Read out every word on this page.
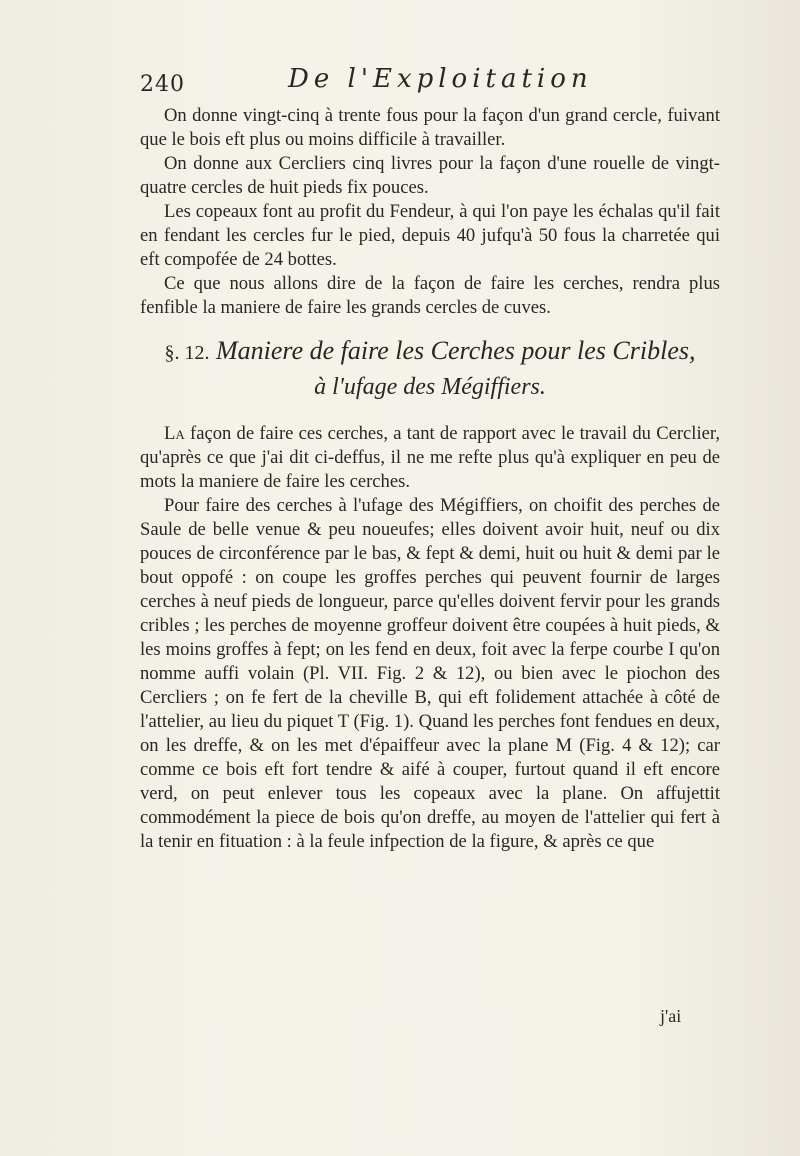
240	De l'Exploitation

On donne vingt-cinq à trente fous pour la façon d'un grand cercle, fuivant que le bois eft plus ou moins difficile à travailler.

On donne aux Cercliers cinq livres pour la façon d'une rouelle de vingt-quatre cercles de huit pieds fix pouces.

Les copeaux font au profit du Fendeur, à qui l'on paye les échalas qu'il fait en fendant les cercles fur le pied, depuis 40 jufqu'à 50 fous la charretée qui eft compofée de 24 bottes.

Ce que nous allons dire de la façon de faire les cerches, rendra plus fenfible la maniere de faire les grands cercles de cuves.

§. 12. Maniere de faire les Cerches pour les Cribles,
à l'ufage des Mégiffiers.

La façon de faire ces cerches, a tant de rapport avec le travail du Cerclier, qu'après ce que j'ai dit ci-deffus, il ne me refte plus qu'à expliquer en peu de mots la maniere de faire les cerches.

Pour faire des cerches à l'ufage des Mégiffiers, on choifit des perches de Saule de belle venue & peu noueufes; elles doivent avoir huit, neuf ou dix pouces de circonférence par le bas, & fept & demi, huit ou huit & demi par le bout oppofé : on coupe les groffes perches qui peuvent fournir de larges cerches à neuf pieds de longueur, parce qu'elles doivent fervir pour les grands cribles ; les perches de moyenne groffeur doivent être coupées à huit pieds, & les moins groffes à fept; on les fend en deux, foit avec la ferpe courbe I qu'on nomme auffi volain (Pl. VII. Fig. 2 & 12), ou bien avec le piochon des Cercliers ; on fe fert de la cheville B, qui eft folidement attachée à côté de l'attelier, au lieu du piquet T (Fig. 1). Quand les perches font fendues en deux, on les dreffe, & on les met d'épaiffeur avec la plane M (Fig. 4 & 12); car comme ce bois eft fort tendre & aifé à couper, furtout quand il eft encore verd, on peut enlever tous les copeaux avec la plane. On affujettit commodément la piece de bois qu'on dreffe, au moyen de l'attelier qui fert à la tenir en fituation : à la feule infpection de la figure, & après ce que

j'ai
